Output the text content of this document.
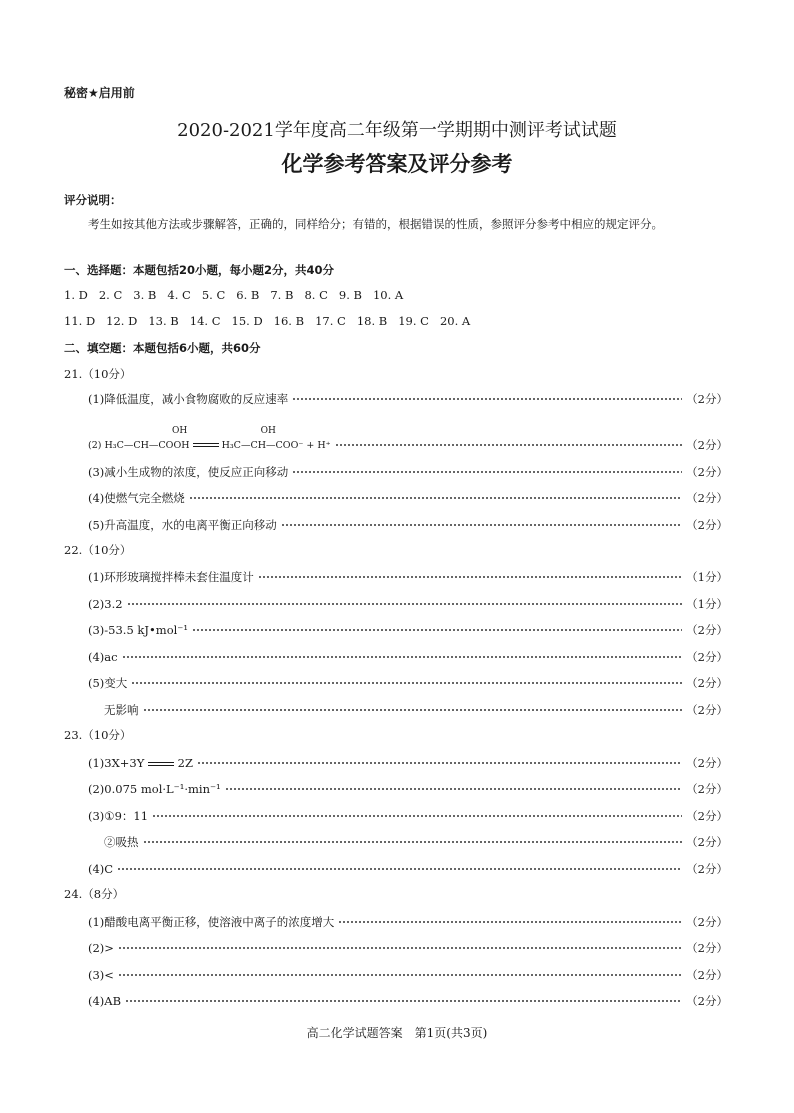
秘密★启用前
2020-2021学年度高二年级第一学期期中测评考试试题
化学参考答案及评分参考
评分说明：
考生如按其他方法或步骤解答，正确的，同样给分；有错的，根据错误的性质，参照评分参考中相应的规定评分。
一、选择题：本题包括20小题，每小题2分，共40分
1. D 2. C 3. B 4. C 5. C 6. B 7. B 8. C 9. B 10. A
11. D 12. D 13. B 14. C 15. D 16. B 17. C 18. B 19. C 20. A
二、填空题：本题包括6小题，共60分
21.（10分）
(1)降低温度，减小食物腐败的反应速率	（2分）
OH
(2) H₃C—CH—COOH
OH
H₃C—CH—COO⁻ + H⁺	（2分）
(3)减小生成物的浓度，使反应正向移动	（2分）
(4)使燃气完全燃烧	（2分）
(5)升高温度，水的电离平衡正向移动	（2分）
22.（10分）
(1)环形玻璃搅拌棒未套住温度计	（1分）
(2)3.2	（1分）
(3)-53.5 kJ•mol⁻¹	（2分）
(4)ac	（2分）
(5)变大	（2分）
无影响	（2分）
23.（10分）
(1)3X+3Y	2Z	（2分）
(2)0.075 mol·L⁻¹·min⁻¹	（2分）
(3)①9：11	（2分）
②吸热	（2分）
(4)C	（2分）
24.（8分）
(1)醋酸电离平衡正移，使溶液中离子的浓度增大	（2分）
(2)>	（2分）
(3)<	（2分）
(4)AB	（2分）
高二化学试题答案　第1页(共3页)
